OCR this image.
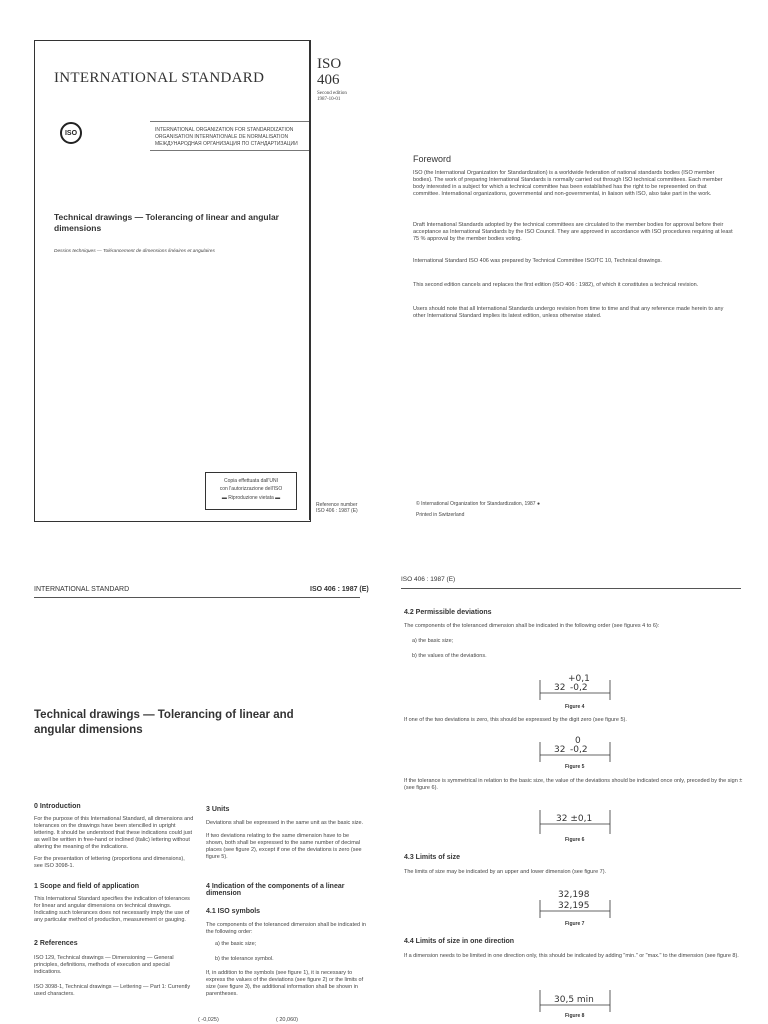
INTERNATIONAL STANDARD
ISO
406
Second edition
1987-10-01
ISO	INTERNATIONAL ORGANIZATION FOR STANDARDIZATION
ORGANISATION INTERNATIONALE DE NORMALISATION
МЕЖДУНАРОДНАЯ ОРГАНИЗАЦИЯ ПО СТАНДАРТИЗАЦИИ
Technical drawings — Tolerancing of linear and angular dimensions
Dessins techniques — Tolérancement de dimensions linéaires et angulaires
Copia effettuata dall'UNI
con l'autorizzazione dell'ISO
▬ Riproduzione vietata ▬
Reference number
ISO 406 : 1987 (E)
Foreword
ISO (the International Organization for Standardization) is a worldwide federation of national standards bodies (ISO member bodies). The work of preparing International Standards is normally carried out through ISO technical committees. Each member body interested in a subject for which a technical committee has been established has the right to be represented on that committee. International organizations, governmental and non-governmental, in liaison with ISO, also take part in the work.
Draft International Standards adopted by the technical committees are circulated to the member bodies for approval before their acceptance as International Standards by the ISO Council. They are approved in accordance with ISO procedures requiring at least 75 % approval by the member bodies voting.
International Standard ISO 406 was prepared by Technical Committee ISO/TC 10, Technical drawings.
This second edition cancels and replaces the first edition (ISO 406 : 1982), of which it constitutes a technical revision.
Users should note that all International Standards undergo revision from time to time and that any reference made herein to any other International Standard implies its latest edition, unless otherwise stated.
© International Organization for Standardization, 1987 ●
Printed in Switzerland
INTERNATIONAL STANDARD	ISO 406 : 1987 (E)
Technical drawings — Tolerancing of linear and angular dimensions
0 Introduction
For the purpose of this International Standard, all dimensions and tolerances on the drawings have been stencilled in upright lettering. It should be understood that these indications could just as well be written in free-hand or inclined (italic) lettering without altering the meaning of the indications.
For the presentation of lettering (proportions and dimensions), see ISO 3098-1.
1 Scope and field of application
This International Standard specifies the indication of tolerances for linear and angular dimensions on technical drawings. Indicating such tolerances does not necessarily imply the use of any particular method of production, measurement or gauging.
2 References
ISO 129, Technical drawings — Dimensioning — General principles, definitions, methods of execution and special indications.
ISO 3098-1, Technical drawings — Lettering — Part 1: Currently used characters.
3 Units
Deviations shall be expressed in the same unit as the basic size.
If two deviations relating to the same dimension have to be shown, both shall be expressed to the same number of decimal places (see figure 2), except if one of the deviations is zero (see figure 5).
4 Indication of the components of a linear dimension
4.1 ISO symbols
The components of the toleranced dimension shall be indicated in the following order:
a) the basic size;
b) the tolerance symbol.
If, in addition to the symbols (see figure 1), it is necessary to express the values of the deviations (see figure 2) or the limits of size (see figure 3), the additional information shall be shown in parentheses.
( -0,025)	( 20,060)
ISO 406 : 1987 (E)
4.2 Permissible deviations
The components of the toleranced dimension shall be indicated in the following order (see figures 4 to 6):
a) the basic size;
b) the values of the deviations.
32
+0,1
-0,2
Figure 4
If one of the two deviations is zero, this should be expressed by the digit zero (see figure 5).
32
0
-0,2
Figure 5
If the tolerance is symmetrical in relation to the basic size, the value of the deviations should be indicated once only, preceded by the sign ± (see figure 6).
32 ±0,1
Figure 6
4.3 Limits of size
The limits of size may be indicated by an upper and lower dimension (see figure 7).
32,198
32,195
Figure 7
4.4 Limits of size in one direction
If a dimension needs to be limited in one direction only, this should be indicated by adding "min." or "max." to the dimension (see figure 8).
30,5 min
Figure 8
